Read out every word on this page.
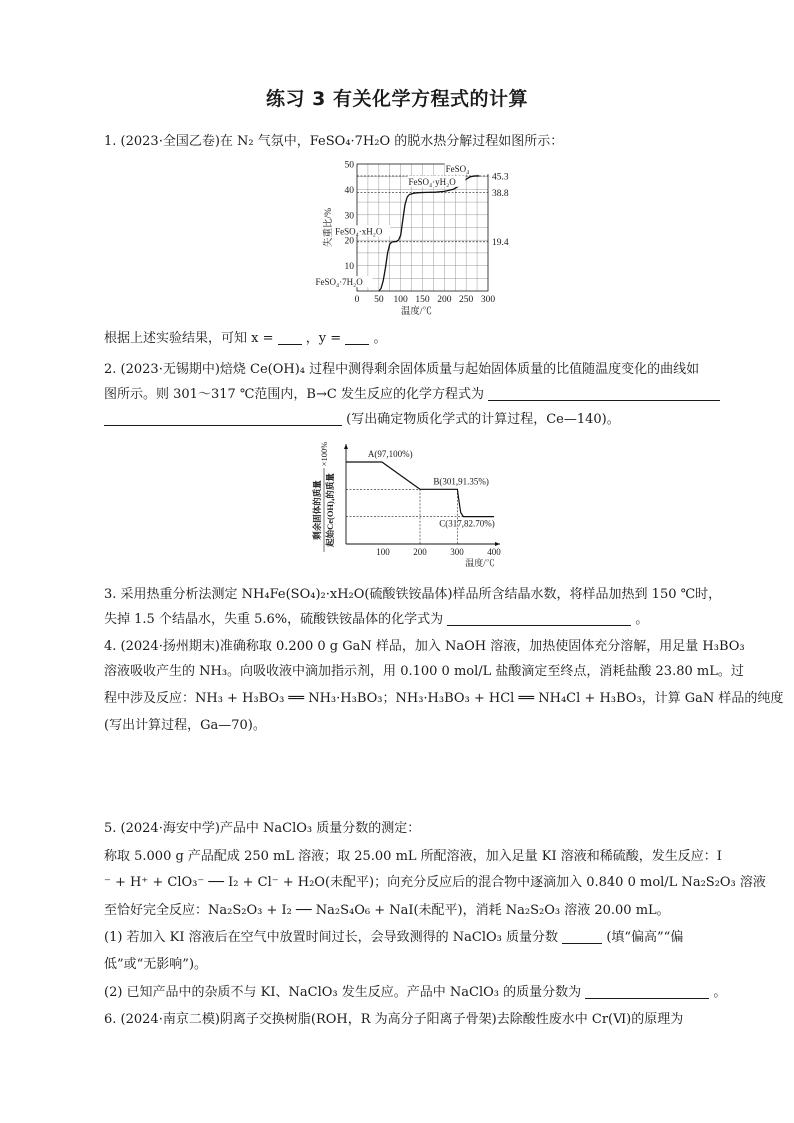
练习 3 有关化学方程式的计算
1. (2023·全国乙卷)在 N₂ 气氛中，FeSO₄·7H₂O 的脱水热分解过程如图所示：
45.3
38.8
19.4
0 50 100 150 200 250 300
10
20
30
40
50
温度/℃
失重比/%
FeSO₄
FeSO₄·yH₂O
FeSO₄·xH₂O
FeSO₄·7H₂O
根据上述实验结果，可知 x = ，y = 。
2. (2023·无锡期中)焙烧 Ce(OH)₄ 过程中测得剩余固体质量与起始固体质量的比值随温度变化的曲线如
图所示。则 301～317 ℃范围内，B→C 发生反应的化学方程式为
(写出确定物质化学式的计算过程，Ce—140)。
A(97,100%)
B(301,91.35%)
C(317,82.70%)
100	200	300	400
温度/℃
剩余固体的质量 起始Ce(OH)₄的质量
×100%
3. 采用热重分析法测定 NH₄Fe(SO₄)₂·xH₂O(硫酸铁铵晶体)样品所含结晶水数，将样品加热到 150 ℃时，
失掉 1.5 个结晶水，失重 5.6%，硫酸铁铵晶体的化学式为	。
4. (2024·扬州期末)准确称取 0.200 0 g GaN 样品，加入 NaOH 溶液，加热使固体充分溶解，用足量 H₃BO₃
溶液吸收产生的 NH₃。向吸收液中滴加指示剂，用 0.100 0 mol/L 盐酸滴定至终点，消耗盐酸 23.80 mL。过
程中涉及反应：NH₃ + H₃BO₃ ══ NH₃·H₃BO₃；NH₃·H₃BO₃ + HCl ══ NH₄Cl + H₃BO₃，计算 GaN 样品的纯度
(写出计算过程，Ga—70)。
5. (2024·海安中学)产品中 NaClO₃ 质量分数的测定：
称取 5.000 g 产品配成 250 mL 溶液；取 25.00 mL 所配溶液，加入足量 KI 溶液和稀硫酸，发生反应：I
⁻ + H⁺ + ClO₃⁻ ── I₂ + Cl⁻ + H₂O(未配平)；向充分反应后的混合物中逐滴加入 0.840 0 mol/L Na₂S₂O₃ 溶液
至恰好完全反应：Na₂S₂O₃ + I₂ ── Na₂S₄O₆ + NaI(未配平)，消耗 Na₂S₂O₃ 溶液 20.00 mL。
(1) 若加入 KI 溶液后在空气中放置时间过长，会导致测得的 NaClO₃ 质量分数	(填“偏高”“偏
低”或“无影响”)。
(2) 已知产品中的杂质不与 KI、NaClO₃ 发生反应。产品中 NaClO₃ 的质量分数为	。
6. (2024·南京二模)阴离子交换树脂(ROH，R 为高分子阳离子骨架)去除酸性废水中 Cr(Ⅵ)的原理为
